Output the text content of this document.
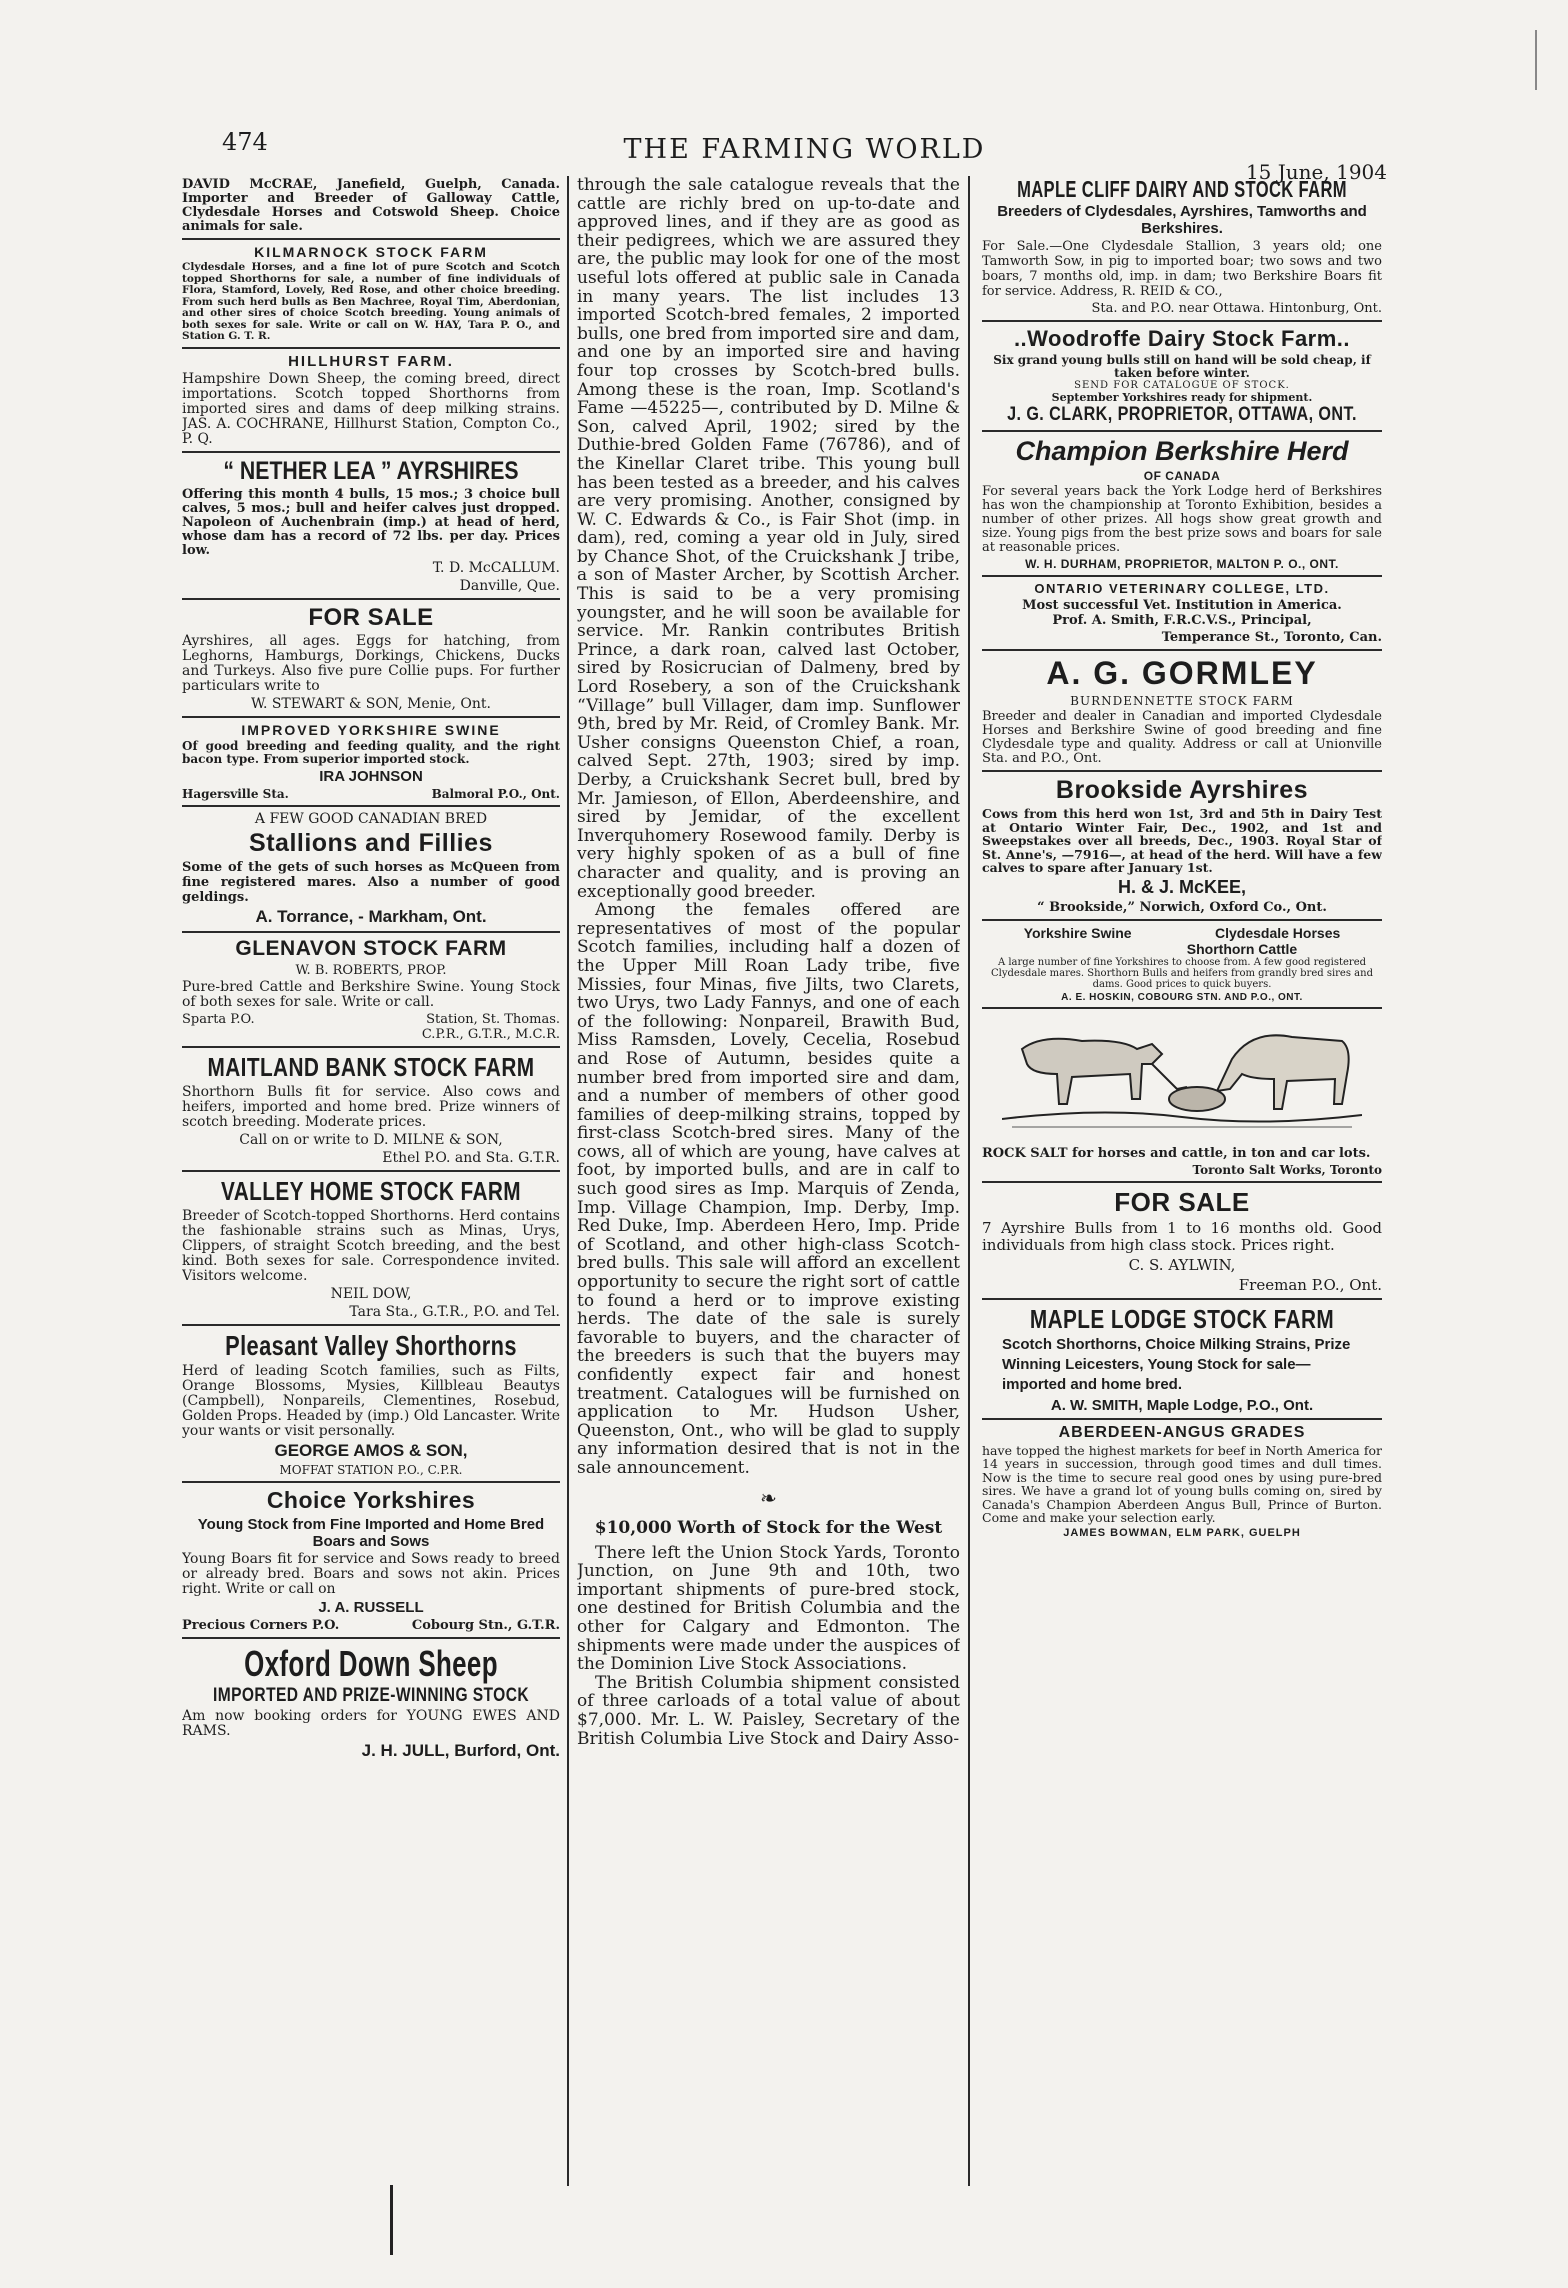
474	THE FARMING WORLD
15 June, 1904
DAVID McCRAE, Janefield, Guelph, Canada. Importer and Breeder of Galloway Cattle, Clydesdale Horses and Cotswold Sheep. Choice animals for sale.
KILMARNOCK STOCK FARM
Clydesdale Horses, and a fine lot of pure Scotch and Scotch topped Shorthorns for sale, a number of fine individuals of Flora, Stamford, Lovely, Red Rose, and other choice breeding. From such herd bulls as Ben Machree, Royal Tim, Aberdonian, and other sires of choice Scotch breeding. Young animals of both sexes for sale. Write or call on W. HAY, Tara P. O., and Station G. T. R.
HILLHURST FARM.
Hampshire Down Sheep, the coming breed, direct importations. Scotch topped Shorthorns from imported sires and dams of deep milking strains. JAS. A. COCHRANE, Hillhurst Station, Compton Co., P. Q.
“ NETHER LEA ” AYRSHIRES
Offering this month 4 bulls, 15 mos.; 3 choice bull calves, 5 mos.; bull and heifer calves just dropped. Napoleon of Auchenbrain (imp.) at head of herd, whose dam has a record of 72 lbs. per day. Prices low.
T. D. McCALLUM.
Danville, Que.
FOR SALE
Ayrshires, all ages. Eggs for hatching, from Leghorns, Hamburgs, Dorkings, Chickens, Ducks and Turkeys. Also five pure Collie pups. For further particulars write to
W. STEWART & SON, Menie, Ont.
IMPROVED YORKSHIRE SWINE
Of good breeding and feeding quality, and the right bacon type. From superior imported stock.
IRA JOHNSON
Hagersville Sta.	Balmoral P.O., Ont.
A FEW GOOD CANADIAN BRED
Stallions and Fillies
Some of the gets of such horses as McQueen from fine registered mares. Also a number of good geldings.
A. Torrance, - Markham, Ont.
GLENAVON STOCK FARM
W. B. ROBERTS, PROP.
Pure-bred Cattle and Berkshire Swine. Young Stock of both sexes for sale. Write or call.
Sparta P.O.	Station, St. Thomas.
C.P.R., G.T.R., M.C.R.
MAITLAND BANK STOCK FARM
Shorthorn Bulls fit for service. Also cows and heifers, imported and home bred. Prize winners of scotch breeding. Moderate prices.
Call on or write to D. MILNE & SON,
Ethel P.O. and Sta. G.T.R.
VALLEY HOME STOCK FARM
Breeder of Scotch-topped Shorthorns. Herd contains the fashionable strains such as Minas, Urys, Clippers, of straight Scotch breeding, and the best kind. Both sexes for sale. Correspondence invited. Visitors welcome.
NEIL DOW,
Tara Sta., G.T.R., P.O. and Tel.
Pleasant Valley Shorthorns
Herd of leading Scotch families, such as Filts, Orange Blossoms, Mysies, Killbleau Beautys (Campbell), Nonpareils, Clementines, Rosebud, Golden Props. Headed by (imp.) Old Lancaster. Write your wants or visit personally.
GEORGE AMOS & SON,
MOFFAT STATION P.O., C.P.R.
Choice Yorkshires
Young Stock from Fine Imported and Home Bred Boars and Sows
Young Boars fit for service and Sows ready to breed or already bred. Boars and sows not akin. Prices right. Write or call on
J. A. RUSSELL
Precious Corners P.O.	Cobourg Stn., G.T.R.
Oxford Down Sheep
IMPORTED AND PRIZE-WINNING STOCK
Am now booking orders for YOUNG EWES AND RAMS.
J. H. JULL, Burford, Ont.

through the sale catalogue reveals that the cattle are richly bred on up-to-date and approved lines, and if they are as good as their pedigrees, which we are assured they are, the public may look for one of the most useful lots offered at public sale in Canada in many years. The list includes 13 imported Scotch-bred females, 2 imported bulls, one bred from imported sire and dam, and one by an imported sire and having four top crosses by Scotch-bred bulls. Among these is the roan, Imp. Scotland's Fame —45225—, contributed by D. Milne & Son, calved April, 1902; sired by the Duthie-bred Golden Fame (76786), and of the Kinellar Claret tribe. This young bull has been tested as a breeder, and his calves are very promising. Another, consigned by W. C. Edwards & Co., is Fair Shot (imp. in dam), red, coming a year old in July, sired by Chance Shot, of the Cruickshank J tribe, a son of Master Archer, by Scottish Archer. This is said to be a very promising youngster, and he will soon be available for service. Mr. Rankin contributes British Prince, a dark roan, calved last October, sired by Rosicrucian of Dalmeny, bred by Lord Rosebery, a son of the Cruickshank “Village” bull Villager, dam imp. Sunflower 9th, bred by Mr. Reid, of Cromley Bank. Mr. Usher consigns Queenston Chief, a roan, calved Sept. 27th, 1903; sired by imp. Derby, a Cruickshank Secret bull, bred by Mr. Jamieson, of Ellon, Aberdeenshire, and sired by Jemidar, of the excellent Inverquhomery Rosewood family. Derby is very highly spoken of as a bull of fine character and quality, and is proving an exceptionally good breeder.

Among the females offered are representatives of most of the popular Scotch families, including half a dozen of the Upper Mill Roan Lady tribe, five Missies, four Minas, five Jilts, two Clarets, two Urys, two Lady Fannys, and one of each of the following: Nonpareil, Brawith Bud, Miss Ramsden, Lovely, Cecelia, Rosebud and Rose of Autumn, besides quite a number bred from imported sire and dam, and a number of members of other good families of deep-milking strains, topped by first-class Scotch-bred sires. Many of the cows, all of which are young, have calves at foot, by imported bulls, and are in calf to such good sires as Imp. Marquis of Zenda, Imp. Village Champion, Imp. Derby, Imp. Red Duke, Imp. Aberdeen Hero, Imp. Pride of Scotland, and other high-class Scotch-bred bulls. This sale will afford an excellent opportunity to secure the right sort of cattle to found a herd or to improve existing herds. The date of the sale is surely favorable to buyers, and the character of the breeders is such that the buyers may confidently expect fair and honest treatment. Catalogues will be furnished on application to Mr. Hudson Usher, Queenston, Ont., who will be glad to supply any information desired that is not in the sale announcement.

❧
$10,000 Worth of Stock for the West

There left the Union Stock Yards, Toronto Junction, on June 9th and 10th, two important shipments of pure-bred stock, one destined for British Columbia and the other for Calgary and Edmonton. The shipments were made under the auspices of the Dominion Live Stock Associations.

The British Columbia shipment consisted of three carloads of a total value of about $7,000. Mr. L. W. Paisley, Secretary of the British Columbia Live Stock and Dairy Asso-

MAPLE CLIFF DAIRY AND STOCK FARM
Breeders of Clydesdales, Ayrshires, Tamworths and Berkshires.
For Sale.—One Clydesdale Stallion, 3 years old; one Tamworth Sow, in pig to imported boar; two sows and two boars, 7 months old, imp. in dam; two Berkshire Boars fit for service. Address, R. REID & CO.,
Sta. and P.O. near Ottawa. Hintonburg, Ont.
..Woodroffe Dairy Stock Farm..
Six grand young bulls still on hand will be sold cheap, if taken before winter.
SEND FOR CATALOGUE OF STOCK.
September Yorkshires ready for shipment.
J. G. CLARK, PROPRIETOR, OTTAWA, ONT.
Champion Berkshire Herd
OF CANADA
For several years back the York Lodge herd of Berkshires has won the championship at Toronto Exhibition, besides a number of other prizes. All hogs show great growth and size. Young pigs from the best prize sows and boars for sale at reasonable prices.
W. H. DURHAM, PROPRIETOR, MALTON P. O., ONT.
ONTARIO VETERINARY COLLEGE, LTD.
Most successful Vet. Institution in America.
Prof. A. Smith, F.R.C.V.S., Principal,
Temperance St., Toronto, Can.
A. G. GORMLEY
BURNDENNETTE STOCK FARM
Breeder and dealer in Canadian and imported Clydesdale Horses and Berkshire Swine of good breeding and fine Clydesdale type and quality. Address or call at Unionville Sta. and P.O., Ont.
Brookside Ayrshires
Cows from this herd won 1st, 3rd and 5th in Dairy Test at Ontario Winter Fair, Dec., 1902, and 1st and Sweepstakes over all breeds, Dec., 1903. Royal Star of St. Anne's, —7916—, at head of the herd. Will have a few calves to spare after January 1st.
H. & J. McKEE,
“ Brookside,” Norwich, Oxford Co., Ont.
Yorkshire Swine	Clydesdale Horses
Shorthorn Cattle
A large number of fine Yorkshires to choose from. A few good registered Clydesdale mares. Shorthorn Bulls and heifers from grandly bred sires and dams. Good prices to quick buyers.
A. E. HOSKIN, COBOURG STN. AND P.O., ONT.
ROCK SALT for horses and cattle, in ton and car lots.
Toronto Salt Works, Toronto
FOR SALE
7 Ayrshire Bulls from 1 to 16 months old. Good individuals from high class stock. Prices right.
C. S. AYLWIN,
Freeman P.O., Ont.
MAPLE LODGE STOCK FARM
Scotch Shorthorns, Choice Milking Strains, Prize Winning Leicesters, Young Stock for sale—imported and home bred.
A. W. SMITH, Maple Lodge, P.O., Ont.
ABERDEEN-ANGUS GRADES
have topped the highest markets for beef in North America for 14 years in succession, through good times and dull times. Now is the time to secure real good ones by using pure-bred sires. We have a grand lot of young bulls coming on, sired by Canada's Champion Aberdeen Angus Bull, Prince of Burton. Come and make your selection early.
JAMES BOWMAN, ELM PARK, GUELPH
